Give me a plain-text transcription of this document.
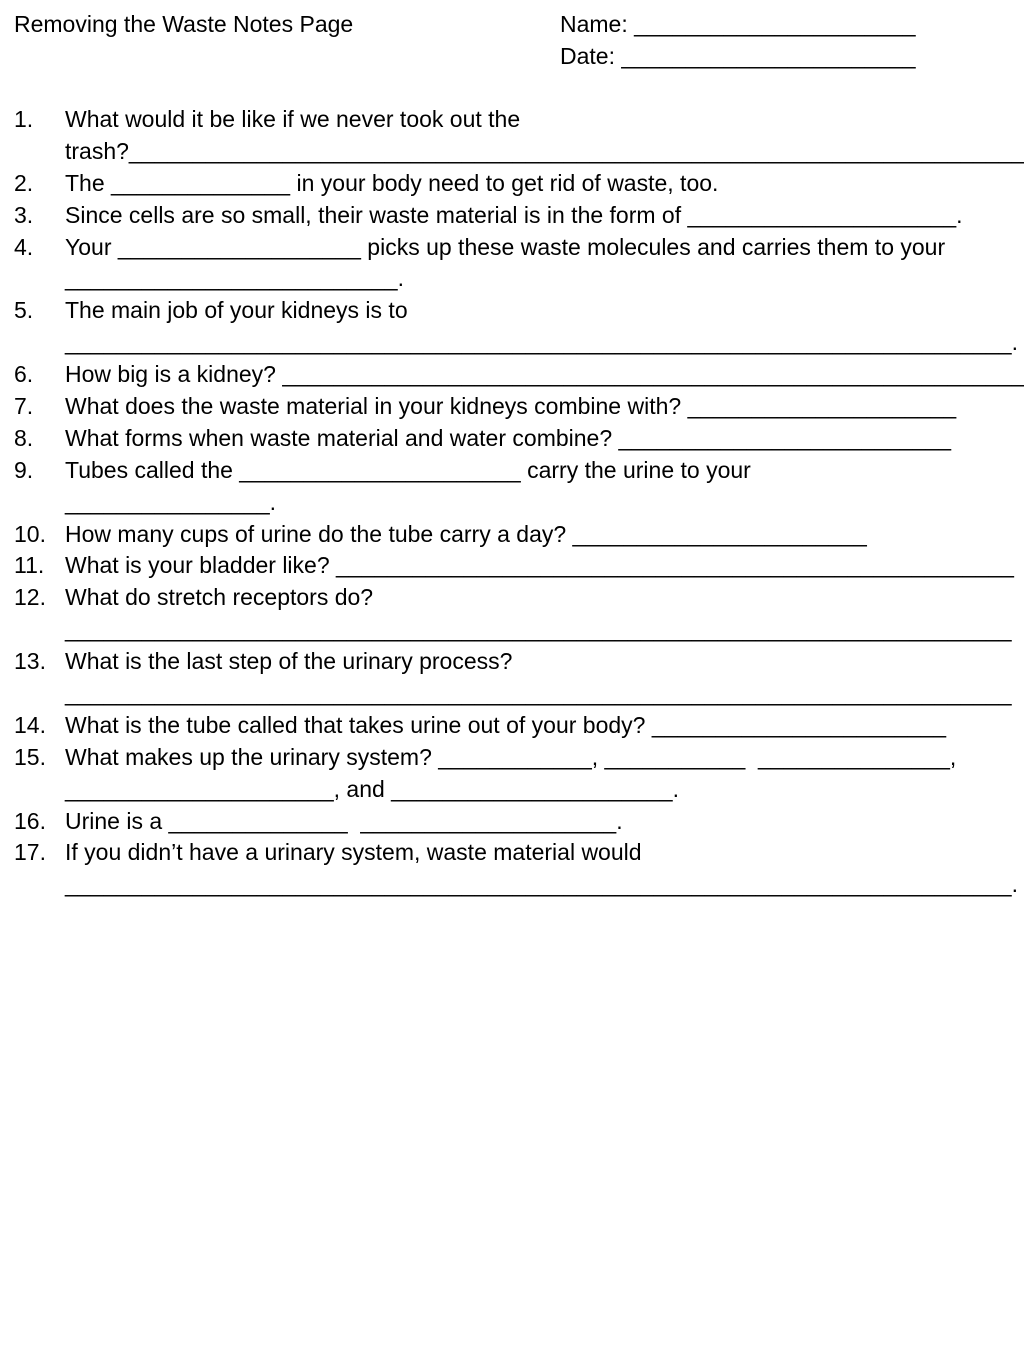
Removing the Waste Notes Page	Name: ______________________
Date: _______________________
1. What would it be like if we never took out the
trash?______________________________________________________________________
2. The ______________ in your body need to get rid of waste, too.
3. Since cells are so small, their waste material is in the form of _____________________.
4. Your ___________________ picks up these waste molecules and carries them to your
__________________________.
5. The main job of your kidneys is to
__________________________________________________________________________.
6. How big is a kidney? __________________________________________________________
7. What does the waste material in your kidneys combine with? _____________________
8. What forms when waste material and water combine? __________________________
9. Tubes called the ______________________ carry the urine to your
________________.
10. How many cups of urine do the tube carry a day? _______________________
11. What is your bladder like? _____________________________________________________
12. What do stretch receptors do?
__________________________________________________________________________
13. What is the last step of the urinary process?
__________________________________________________________________________
14. What is the tube called that takes urine out of your body? _______________________
15. What makes up the urinary system? ____________, ___________  _______________,
_____________________, and ______________________.
16. Urine is a ______________  ____________________.
17. If you didn’t have a urinary system, waste material would
__________________________________________________________________________.
